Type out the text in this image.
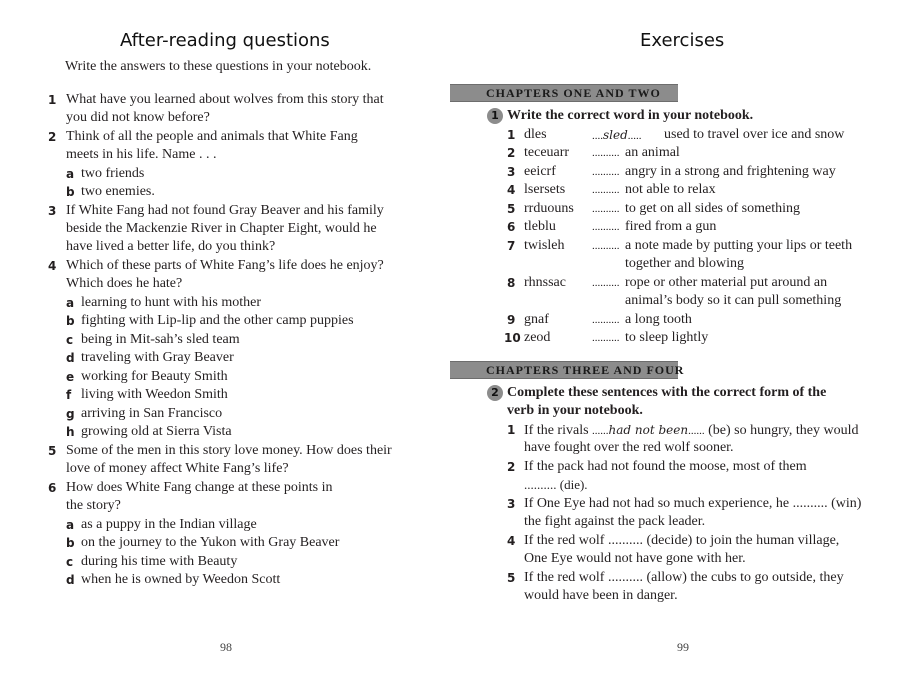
After-reading questions
Write the answers to these questions in your notebook.
1 What have you learned about wolves from this story that
you did not know before?
2 Think of all the people and animals that White Fang
meets in his life. Name . . .
a two friends
b two enemies.
3 If White Fang had not found Gray Beaver and his family
beside the Mackenzie River in Chapter Eight, would he
have lived a better life, do you think?
4 Which of these parts of White Fang’s life does he enjoy?
Which does he hate?
a learning to hunt with his mother
b fighting with Lip-lip and the other camp puppies
c being in Mit-sah’s sled team
d traveling with Gray Beaver
e working for Beauty Smith
f living with Weedon Smith
g arriving in San Francisco
h growing old at Sierra Vista
5 Some of the men in this story love money. How does their
love of money affect White Fang’s life?
6 How does White Fang change at these points in
the story?
a as a puppy in the Indian village
b on the journey to the Yukon with Gray Beaver
c during his time with Beauty
d when he is owned by Weedon Scott
98
Exercises
CHAPTERS ONE AND TWO
1 Write the correct word in your notebook.
1 dles	....sled..... used to travel over ice and snow
2 teceuarr .......... an animal
3 eeicrf	.......... angry in a strong and frightening way
4 lsersets .......... not able to relax
5 rrduouns .......... to get on all sides of something
6 tleblu	.......... fired from a gun
7 twisleh	.......... a note made by putting your lips or teeth
together and blowing
8 rhnssac .......... rope or other material put around an
animal’s body so it can pull something
9 gnaf	.......... a long tooth
10 zeod	.......... to sleep lightly
CHAPTERS THREE AND FOUR
2 Complete these sentences with the correct form of the
verb in your notebook.
1 If the rivals ......had not been...... (be) so hungry, they would
have fought over the red wolf sooner.
2 If the pack had not found the moose, most of them
.......... (die).
3 If One Eye had not had so much experience, he .......... (win)
the fight against the pack leader.
4 If the red wolf .......... (decide) to join the human village,
One Eye would not have gone with her.
5 If the red wolf .......... (allow) the cubs to go outside, they
would have been in danger.
99
